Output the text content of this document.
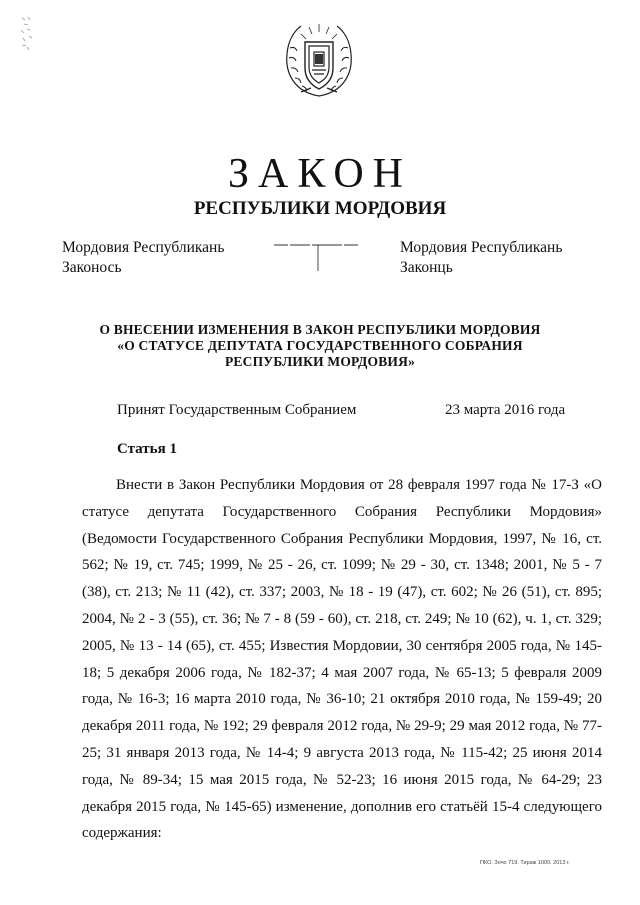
ЗАКОН
РЕСПУБЛИКИ МОРДОВИЯ
Мордовия Республикань
Законось
Мордовия Республикань
Законць
О ВНЕСЕНИИ ИЗМЕНЕНИЯ В ЗАКОН РЕСПУБЛИКИ МОРДОВИЯ
«О СТАТУСЕ ДЕПУТАТА ГОСУДАРСТВЕННОГО СОБРАНИЯ
РЕСПУБЛИКИ МОРДОВИЯ»
Принят Государственным Собранием	23 марта 2016 года
Статья 1

Внести в Закон Республики Мордовия от 28 февраля 1997 года № 17-З «О статусе депутата Государственного Собрания Республики Мордовия» (Ведомости Государственного Собрания Республики Мордовия, 1997, № 16, ст. 562; № 19, ст. 745; 1999, № 25 - 26, ст. 1099; № 29 - 30, ст. 1348; 2001, № 5 - 7 (38), ст. 213; № 11 (42), ст. 337; 2003, № 18 - 19 (47), ст. 602; № 26 (51), ст. 895; 2004, № 2 - 3 (55), ст. 36; № 7 - 8 (59 - 60), ст. 218, ст. 249; № 10 (62), ч. 1, ст. 329; 2005, № 13 - 14 (65), ст. 455; Известия Мордовии, 30 сентября 2005 года, № 145-18; 5 декабря 2006 года, № 182-37; 4 мая 2007 года, № 65-13; 5 февраля 2009 года, № 16-3; 16 марта 2010 года, № 36-10; 21 октября 2010 года, № 159-49; 20 декабря 2011 года, № 192; 29 февраля 2012 года, № 29-9; 29 мая 2012 года, № 77-25; 31 января 2013 года, № 14-4; 9 августа 2013 года, № 115-42; 25 июня 2014 года, № 89-34; 15 мая 2015 года, № 52-23; 16 июня 2015 года, № 64-29; 23 декабря 2015 года, № 145-65) изменение, дополнив его статьёй 15-4 следующего содержания:

ПКО. Зочо 719. Тираж 1000. 2013 г.
